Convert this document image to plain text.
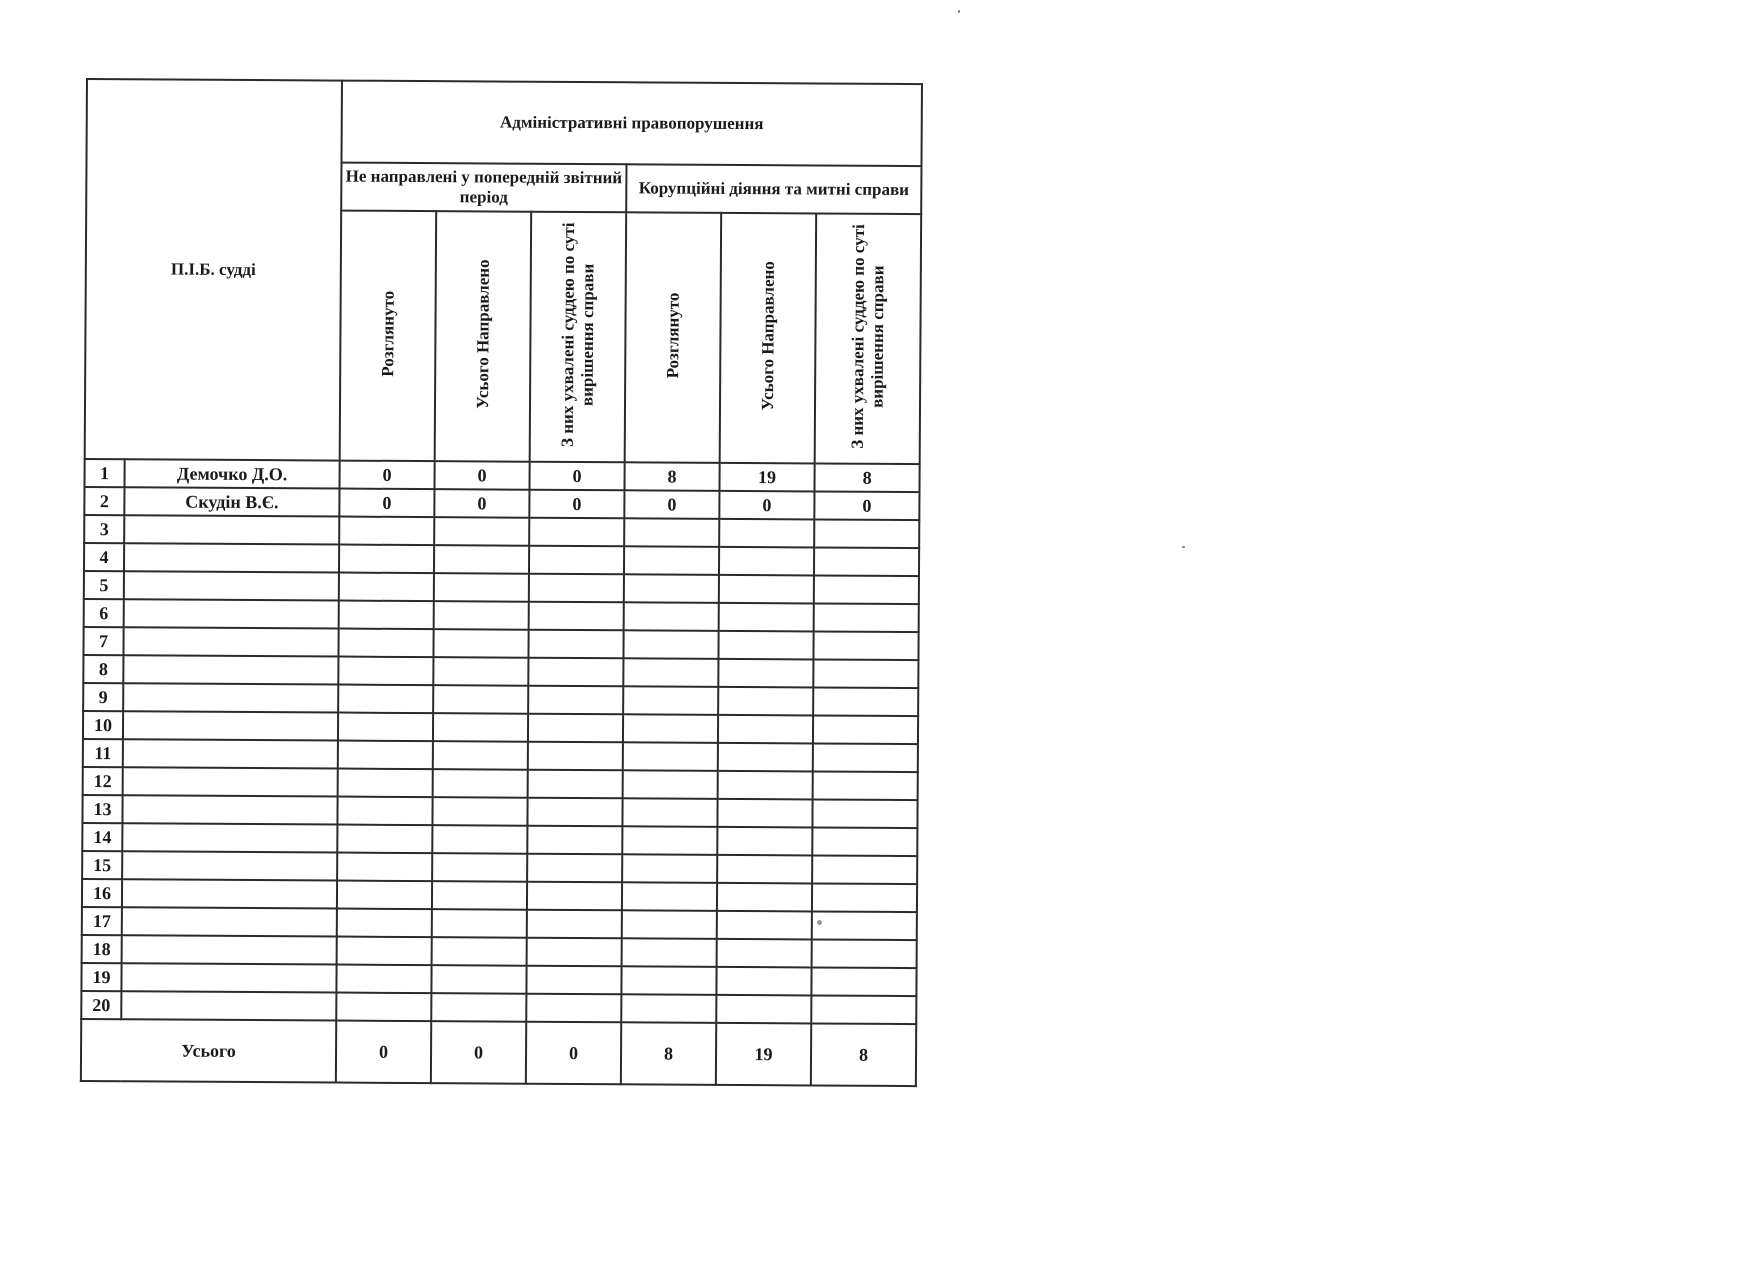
П.І.Б. судді		Адміністративні правопорушення					
		Не направлені у попередній звітний період			Корупційні діяння та митні справи		
		Розглянуто	Усього Направлено	З них ухвалені суддею по суті вирішення справи	Розглянуто	Усього Направлено	З них ухвалені суддею по суті вирішення справи
1	Демочко Д.О.	0	0	0	8	19	8
2	Скудін В.Є.	0	0	0	0	0	0
3							
4							
5							
6							
7							
8							
9							
10							
11							
12							
13							
14							
15							
16							
17							
18							
19							
20							
Усього		0	0	0	8	19	8
